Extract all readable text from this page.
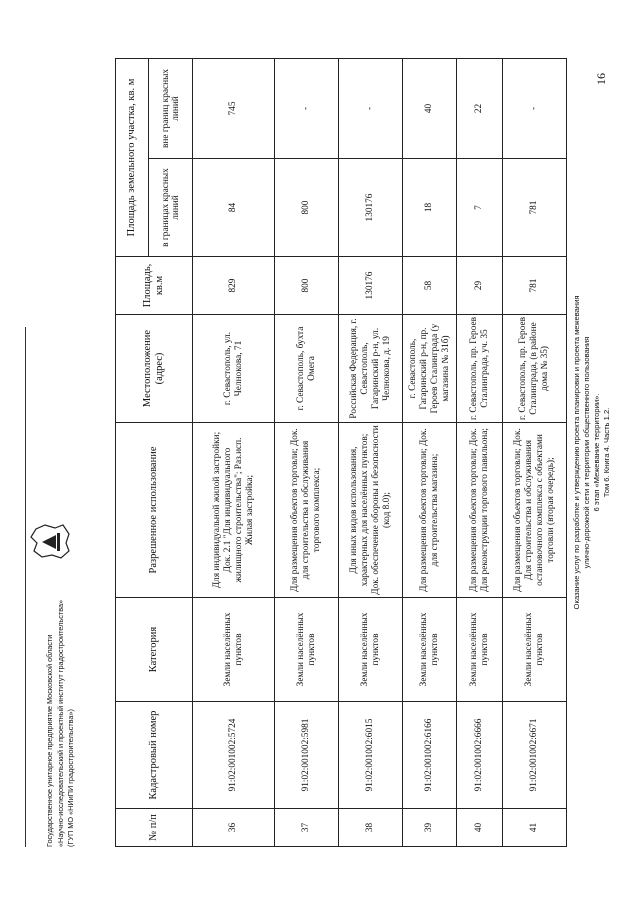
Оказание услуг по разработке и утверждению проекта планировки и проекта межевания улично-дорожной сети и территории общественного пользования 6 этап «Межевание территории». Том 6. Книга 4. Часть 1.2.
16
№ п/п	Кадастровый номер	Категория	Разрешенное использование	Местоположение (адрес)	Площадь, кв.м	Площадь земельного участка, кв. м	
						в границах красных линий	вне границ красных линий
36	91:02:001002:5724	Земли населённых пунктов	Для индивидуальной жилой застройки; Док. 2.1 "Для индивидуального жилищного строительства"; Раз.исп. Жилая застройка;	г. Севастополь, ул. Челнокова, 71	829	84	745
37	91:02:001002:5981	Земли населённых пунктов	Для размещения объектов торговли; Док. для строительства и обслуживания торгового комплекса;	г. Севастополь, бухта Омега	800	800	-
38	91:02:001002:6015	Земли населённых пунктов	Для иных видов использования, характерных для населённых пунктов; Док. обеспечение обороны и безопасности (код 8.0);	Российская Федерация, г. Севастополь, Гагаринский р-н, ул. Челнокова, д. 19	130176	130176	-
39	91:02:001002:6166	Земли населённых пунктов	Для размещения объектов торговли; Док. для строительства магазина;	г. Севастополь, Гагаринский р-н, пр. Героев Сталинграда (у магазина № 31б)	58	18	40
40	91:02:001002:6666	Земли населённых пунктов	Для размещения объектов торговли; Док. Для реконструкции торгового павильона;	г. Севастополь, пр. Героев Сталинграда, уч. 35	29	7	22
41	91:02:001002:6671	Земли населённых пунктов	Для размещения объектов торговли; Док. Для строительства и обслуживания остановочного комплекса с объектами торговли (вторая очередь);	г. Севастополь, пр. Героев Сталинграда, (в районе дома № 35)	781	781	-
Государственное унитарное предприятие Московской области «Научно-исследовательский и проектный институт градостроительства» (ГУП МО «НИиПИ градостроительства»)
